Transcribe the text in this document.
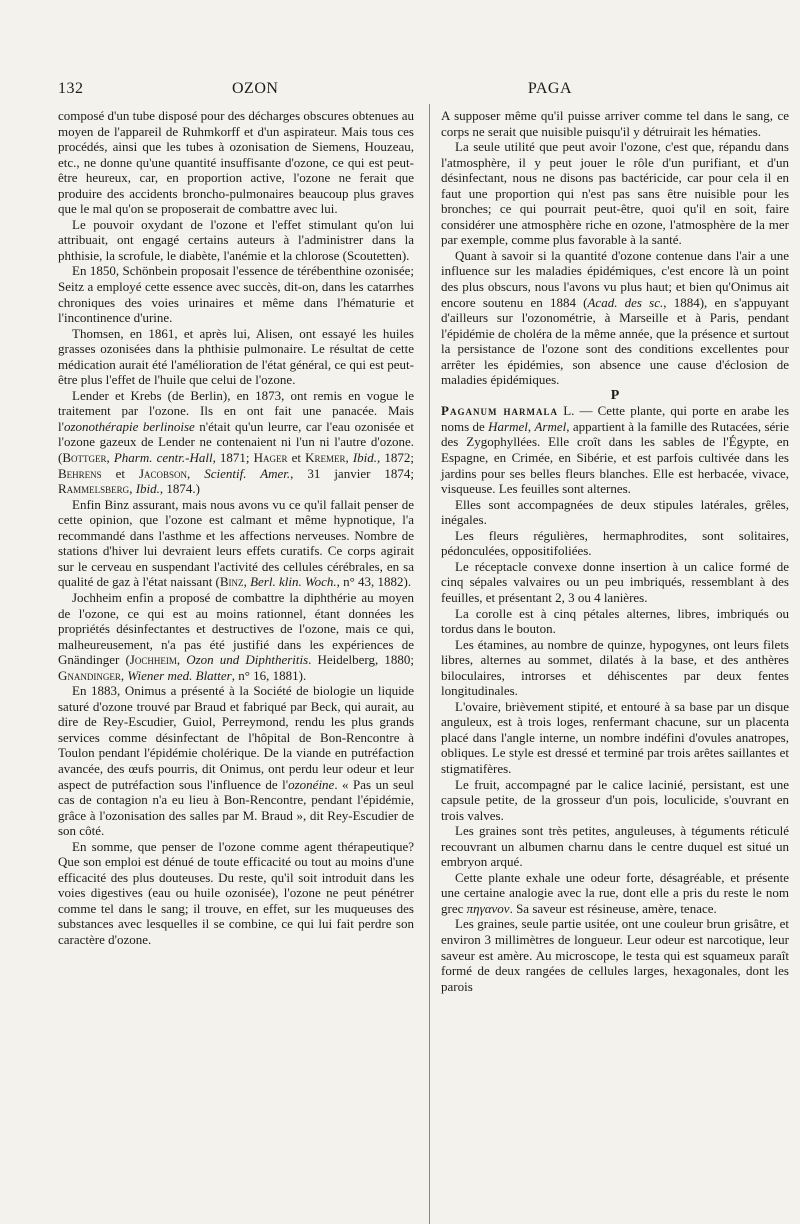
132	OZON	PAGA

composé d'un tube disposé pour des décharges obscures obtenues au moyen de l'appareil de Ruhmkorff et d'un aspirateur. Mais tous ces procédés, ainsi que les tubes à ozonisation de Siemens, Houzeau, etc., ne donne qu'une quantité insuffisante d'ozone, ce qui est peut-être heureux, car, en proportion active, l'ozone ne ferait que produire des accidents broncho-pulmonaires beaucoup plus graves que le mal qu'on se proposerait de combattre avec lui.

Le pouvoir oxydant de l'ozone et l'effet stimulant qu'on lui attribuait, ont engagé certains auteurs à l'administrer dans la phthisie, la scrofule, le diabète, l'anémie et la chlorose (Scoutetten).

En 1850, Schönbein proposait l'essence de térébenthine ozonisée; Seitz a employé cette essence avec succès, dit-on, dans les catarrhes chroniques des voies urinaires et même dans l'hématurie et l'incontinence d'urine.

Thomsen, en 1861, et après lui, Alisen, ont essayé les huiles grasses ozonisées dans la phthisie pulmonaire. Le résultat de cette médication aurait été l'amélioration de l'état général, ce qui est peut-être plus l'effet de l'huile que celui de l'ozone.

Lender et Krebs (de Berlin), en 1873, ont remis en vogue le traitement par l'ozone. Ils en ont fait une panacée. Mais l'ozonothérapie berlinoise n'était qu'un leurre, car l'eau ozonisée et l'ozone gazeux de Lender ne contenaient ni l'un ni l'autre d'ozone. (Bottger, Pharm. centr.-Hall, 1871; Hager et Kremer, Ibid., 1872; Behrens et Jacobson, Scientif. Amer., 31 janvier 1874; Rammelsberg, Ibid., 1874.)

Enfin Binz assurant, mais nous avons vu ce qu'il fallait penser de cette opinion, que l'ozone est calmant et même hypnotique, l'a recommandé dans l'asthme et les affections nerveuses. Nombre de stations d'hiver lui devraient leurs effets curatifs. Ce corps agirait sur le cerveau en suspendant l'activité des cellules cérébrales, en sa qualité de gaz à l'état naissant (Binz, Berl. klin. Woch., n° 43, 1882).

Jochheim enfin a proposé de combattre la diphthérie au moyen de l'ozone, ce qui est au moins rationnel, étant données les propriétés désinfectantes et destructives de l'ozone, mais ce qui, malheureusement, n'a pas été justifié dans les expériences de Gnändinger (Jochheim, Ozon und Diphtheritis. Heidelberg, 1880; Gnandinger, Wiener med. Blatter, n° 16, 1881).

En 1883, Onimus a présenté à la Société de biologie un liquide saturé d'ozone trouvé par Braud et fabriqué par Beck, qui aurait, au dire de Rey-Escudier, Guiol, Perreymond, rendu les plus grands services comme désinfectant de l'hôpital de Bon-Rencontre à Toulon pendant l'épidémie cholérique. De la viande en putréfaction avancée, des œufs pourris, dit Onimus, ont perdu leur odeur et leur aspect de putréfaction sous l'influence de l'ozonéine. « Pas un seul cas de contagion n'a eu lieu à Bon-Rencontre, pendant l'épidémie, grâce à l'ozonisation des salles par M. Braud », dit Rey-Escudier de son côté.

En somme, que penser de l'ozone comme agent thérapeutique? Que son emploi est dénué de toute efficacité ou tout au moins d'une efficacité des plus douteuses. Du reste, qu'il soit introduit dans les voies digestives (eau ou huile ozonisée), l'ozone ne peut pénétrer comme tel dans le sang; il trouve, en effet, sur les muqueuses des substances avec lesquelles il se combine, ce qui lui fait perdre son caractère d'ozone.

A supposer même qu'il puisse arriver comme tel dans le sang, ce corps ne serait que nuisible puisqu'il y détruirait les hématies.

La seule utilité que peut avoir l'ozone, c'est que, répandu dans l'atmosphère, il y peut jouer le rôle d'un purifiant, et d'un désinfectant, nous ne disons pas bactéricide, car pour cela il en faut une proportion qui n'est pas sans être nuisible pour les bronches; ce qui pourrait peut-être, quoi qu'il en soit, faire considérer une atmosphère riche en ozone, l'atmosphère de la mer par exemple, comme plus favorable à la santé.

Quant à savoir si la quantité d'ozone contenue dans l'air a une influence sur les maladies épidémiques, c'est encore là un point des plus obscurs, nous l'avons vu plus haut; et bien qu'Onimus ait encore soutenu en 1884 (Acad. des sc., 1884), en s'appuyant d'ailleurs sur l'ozonométrie, à Marseille et à Paris, pendant l'épidémie de choléra de la même année, que la présence et surtout la persistance de l'ozone sont des conditions excellentes pour arrêter les épidémies, son absence une cause d'éclosion de maladies épidémiques.

P

Paganum harmala L. — Cette plante, qui porte en arabe les noms de Harmel, Armel, appartient à la famille des Rutacées, série des Zygophyllées. Elle croît dans les sables de l'Égypte, en Espagne, en Crimée, en Sibérie, et est parfois cultivée dans les jardins pour ses belles fleurs blanches. Elle est herbacée, vivace, visqueuse. Les feuilles sont alternes.

Elles sont accompagnées de deux stipules latérales, grêles, inégales.

Les fleurs régulières, hermaphrodites, sont solitaires, pédonculées, oppositifoliées.

Le réceptacle convexe donne insertion à un calice formé de cinq sépales valvaires ou un peu imbriqués, ressemblant à des feuilles, et présentant 2, 3 ou 4 lanières.

La corolle est à cinq pétales alternes, libres, imbriqués ou tordus dans le bouton.

Les étamines, au nombre de quinze, hypogynes, ont leurs filets libres, alternes au sommet, dilatés à la base, et des anthères biloculaires, introrses et déhiscentes par deux fentes longitudinales.

L'ovaire, brièvement stipité, et entouré à sa base par un disque anguleux, est à trois loges, renfermant chacune, sur un placenta placé dans l'angle interne, un nombre indéfini d'ovules anatropes, obliques. Le style est dressé et terminé par trois arêtes saillantes et stigmatifères.

Le fruit, accompagné par le calice lacinié, persistant, est une capsule petite, de la grosseur d'un pois, loculicide, s'ouvrant en trois valves.

Les graines sont très petites, anguleuses, à téguments réticulé recouvrant un albumen charnu dans le centre duquel est situé un embryon arqué.

Cette plante exhale une odeur forte, désagréable, et présente une certaine analogie avec la rue, dont elle a pris du reste le nom grec πηγανον. Sa saveur est résineuse, amère, tenace.

Les graines, seule partie usitée, ont une couleur brun grisâtre, et environ 3 millimètres de longueur. Leur odeur est narcotique, leur saveur est amère. Au microscope, le testa qui est squameux paraît formé de deux rangées de cellules larges, hexagonales, dont les parois
